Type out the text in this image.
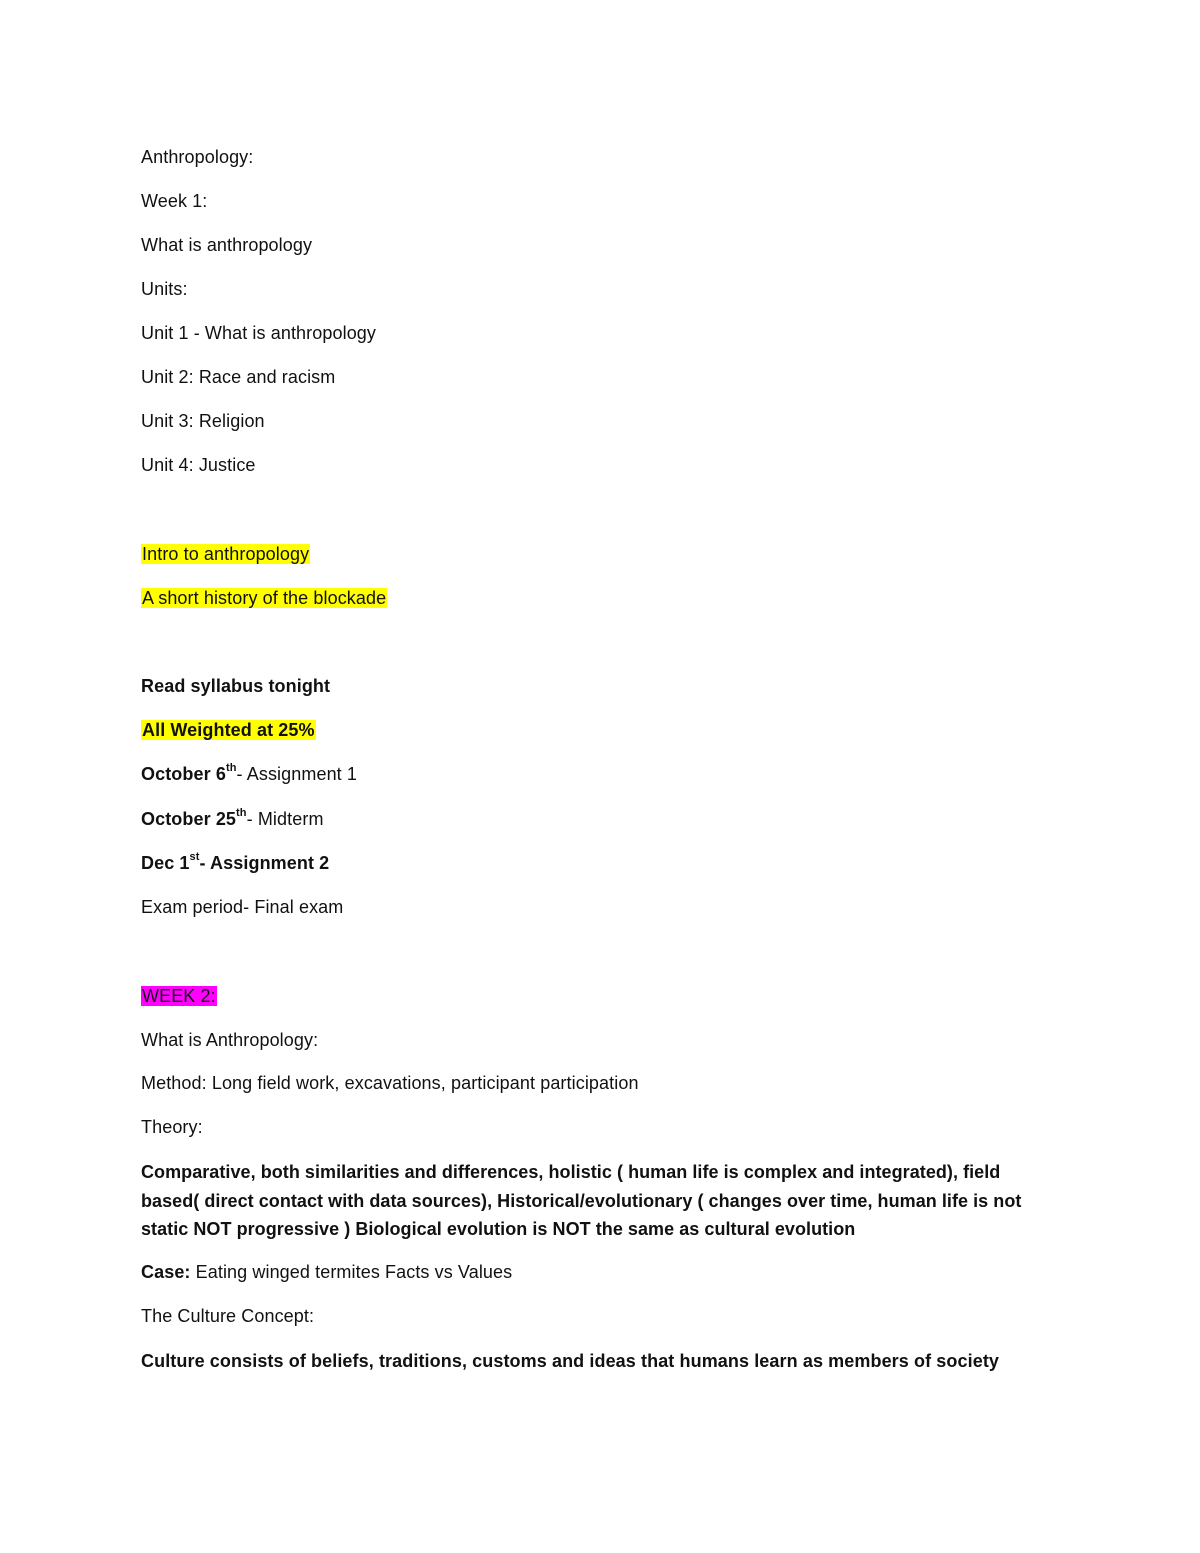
Anthropology:
Week 1:
What is anthropology
Units:
Unit 1 - What is anthropology
Unit 2: Race and racism
Unit 3: Religion
Unit 4: Justice
Intro to anthropology
A short history of the blockade
Read syllabus tonight
All Weighted at 25%
October 6th- Assignment 1
October 25th- Midterm
Dec 1st- Assignment 2
Exam period- Final exam
WEEK 2:
What is Anthropology:
Method: Long field work, excavations, participant participation
Theory:
Comparative, both similarities and differences, holistic ( human life is complex and integrated), field based( direct contact with data sources), Historical/evolutionary ( changes over time, human life is not static NOT progressive ) Biological evolution is NOT the same as cultural evolution
Case: Eating winged termites Facts vs Values
The Culture Concept:
Culture consists of beliefs, traditions, customs and ideas that humans learn as members of society
